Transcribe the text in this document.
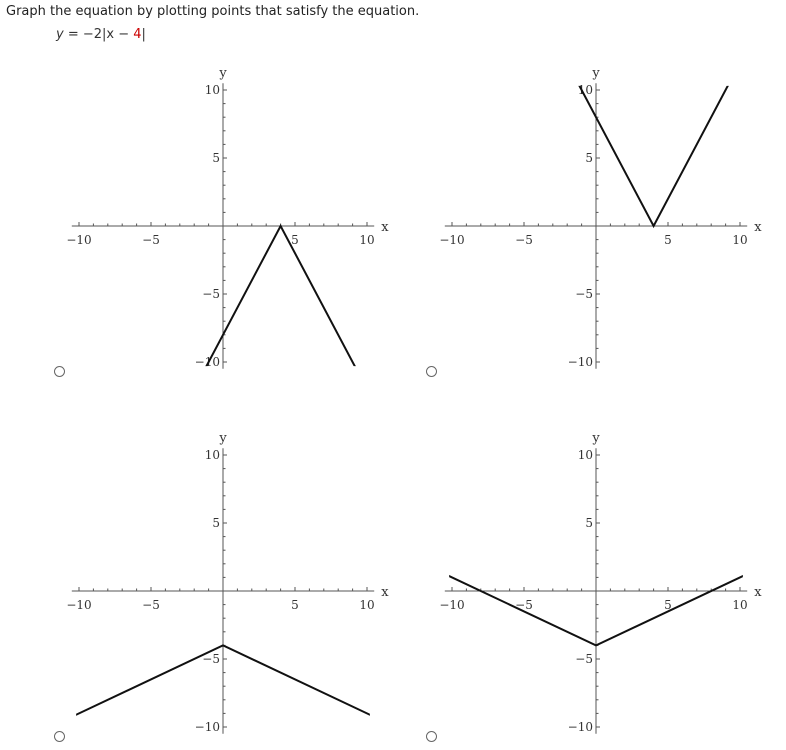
Graph the equation by plotting points that satisfy the equation.
y = −2|x − 4|
−10	−5	5	10
−10
−5
5
10
x
y
−10	−5	5	10
−10
−5
5
10
x
y
−10	−5	5	10
−10
−5
5
10
x
y
−10	−5	5	10
−10
−5
5
10
x
y
